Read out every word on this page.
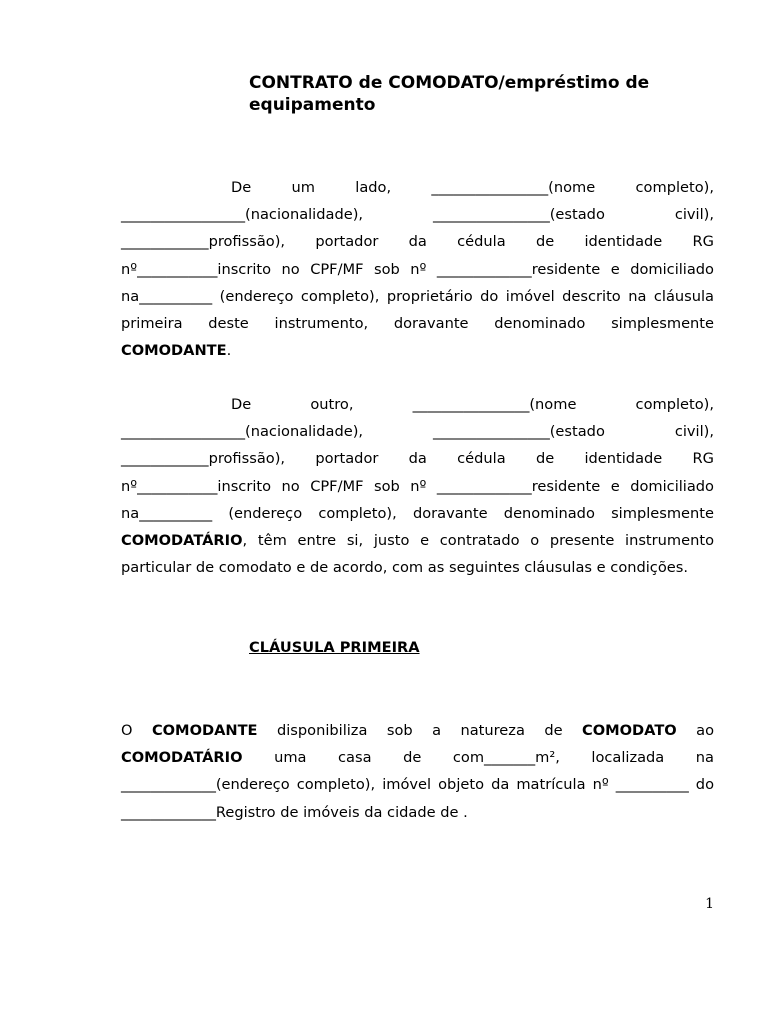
CONTRATO de COMODATO/empréstimo de equipamento

De um lado, ________________(nome completo), _________________(nacionalidade), ________________(estado civil), ____________profissão), portador da cédula de identidade RG nº___________inscrito no CPF/MF sob nº _____________residente e domiciliado na__________ (endereço completo), proprietário do imóvel descrito na cláusula primeira deste instrumento, doravante denominado simplesmente COMODANTE.

De outro, ________________(nome completo), _________________(nacionalidade), ________________(estado civil), ____________profissão), portador da cédula de identidade RG nº___________inscrito no CPF/MF sob nº _____________residente e domiciliado na__________ (endereço completo), doravante denominado simplesmente COMODATÁRIO, têm entre si, justo e contratado o presente instrumento particular de comodato e de acordo, com as seguintes cláusulas e condições.

CLÁUSULA PRIMEIRA

O COMODANTE disponibiliza sob a natureza de COMODATO ao COMODATÁRIO uma casa de com_______m², localizada na _____________(endereço completo), imóvel objeto da matrícula nº __________ do _____________Registro de imóveis da cidade de .

1
